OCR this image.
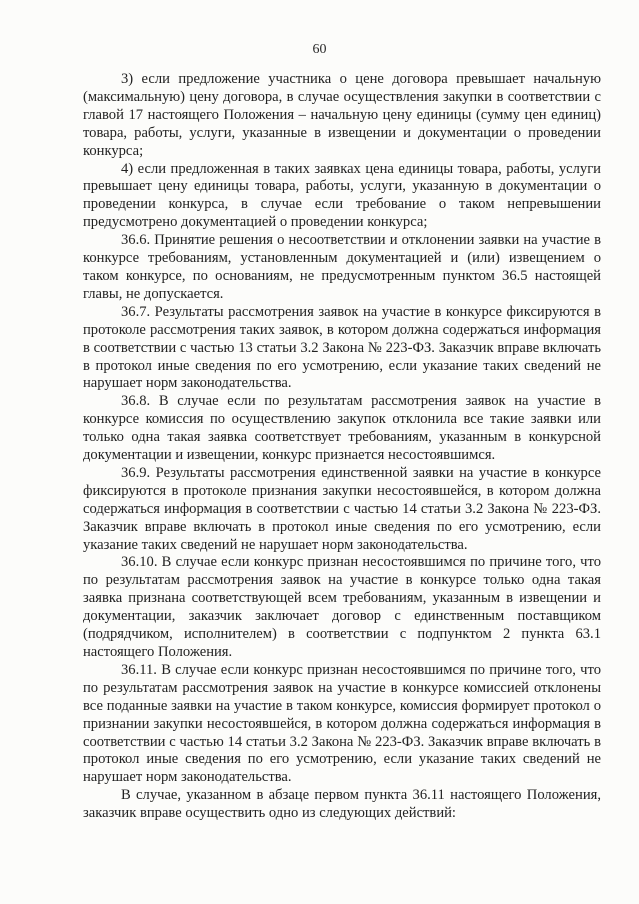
60

3) если предложение участника о цене договора превышает начальную (максимальную) цену договора, в случае осуществления закупки в соответствии с главой 17 настоящего Положения – начальную цену единицы (сумму цен единиц) товара, работы, услуги, указанные в извещении и документации о проведении конкурса;

4) если предложенная в таких заявках цена единицы товара, работы, услуги превышает цену единицы товара, работы, услуги, указанную в документации о проведении конкурса, в случае если требование о таком непревышении предусмотрено документацией о проведении конкурса;

36.6. Принятие решения о несоответствии и отклонении заявки на участие в конкурсе требованиям, установленным документацией и (или) извещением о таком конкурсе, по основаниям, не предусмотренным пунктом 36.5 настоящей главы, не допускается.

36.7. Результаты рассмотрения заявок на участие в конкурсе фиксируются в протоколе рассмотрения таких заявок, в котором должна содержаться информация в соответствии с частью 13 статьи 3.2 Закона № 223-ФЗ. Заказчик вправе включать в протокол иные сведения по его усмотрению, если указание таких сведений не нарушает норм законодательства.

36.8. В случае если по результатам рассмотрения заявок на участие в конкурсе комиссия по осуществлению закупок отклонила все такие заявки или только одна такая заявка соответствует требованиям, указанным в конкурсной документации и извещении, конкурс признается несостоявшимся.

36.9. Результаты рассмотрения единственной заявки на участие в конкурсе фиксируются в протоколе признания закупки несостоявшейся, в котором должна содержаться информация в соответствии с частью 14 статьи 3.2 Закона № 223-ФЗ. Заказчик вправе включать в протокол иные сведения по его усмотрению, если указание таких сведений не нарушает норм законодательства.

36.10. В случае если конкурс признан несостоявшимся по причине того, что по результатам рассмотрения заявок на участие в конкурсе только одна такая заявка признана соответствующей всем требованиям, указанным в извещении и документации, заказчик заключает договор с единственным поставщиком (подрядчиком, исполнителем) в соответствии с подпунктом 2 пункта 63.1 настоящего Положения.

36.11. В случае если конкурс признан несостоявшимся по причине того, что по результатам рассмотрения заявок на участие в конкурсе комиссией отклонены все поданные заявки на участие в таком конкурсе, комиссия формирует протокол о признании закупки несостоявшейся, в котором должна содержаться информация в соответствии с частью 14 статьи 3.2 Закона № 223-ФЗ. Заказчик вправе включать в протокол иные сведения по его усмотрению, если указание таких сведений не нарушает норм законодательства.

В случае, указанном в абзаце первом пункта 36.11 настоящего Положения, заказчик вправе осуществить одно из следующих действий:
